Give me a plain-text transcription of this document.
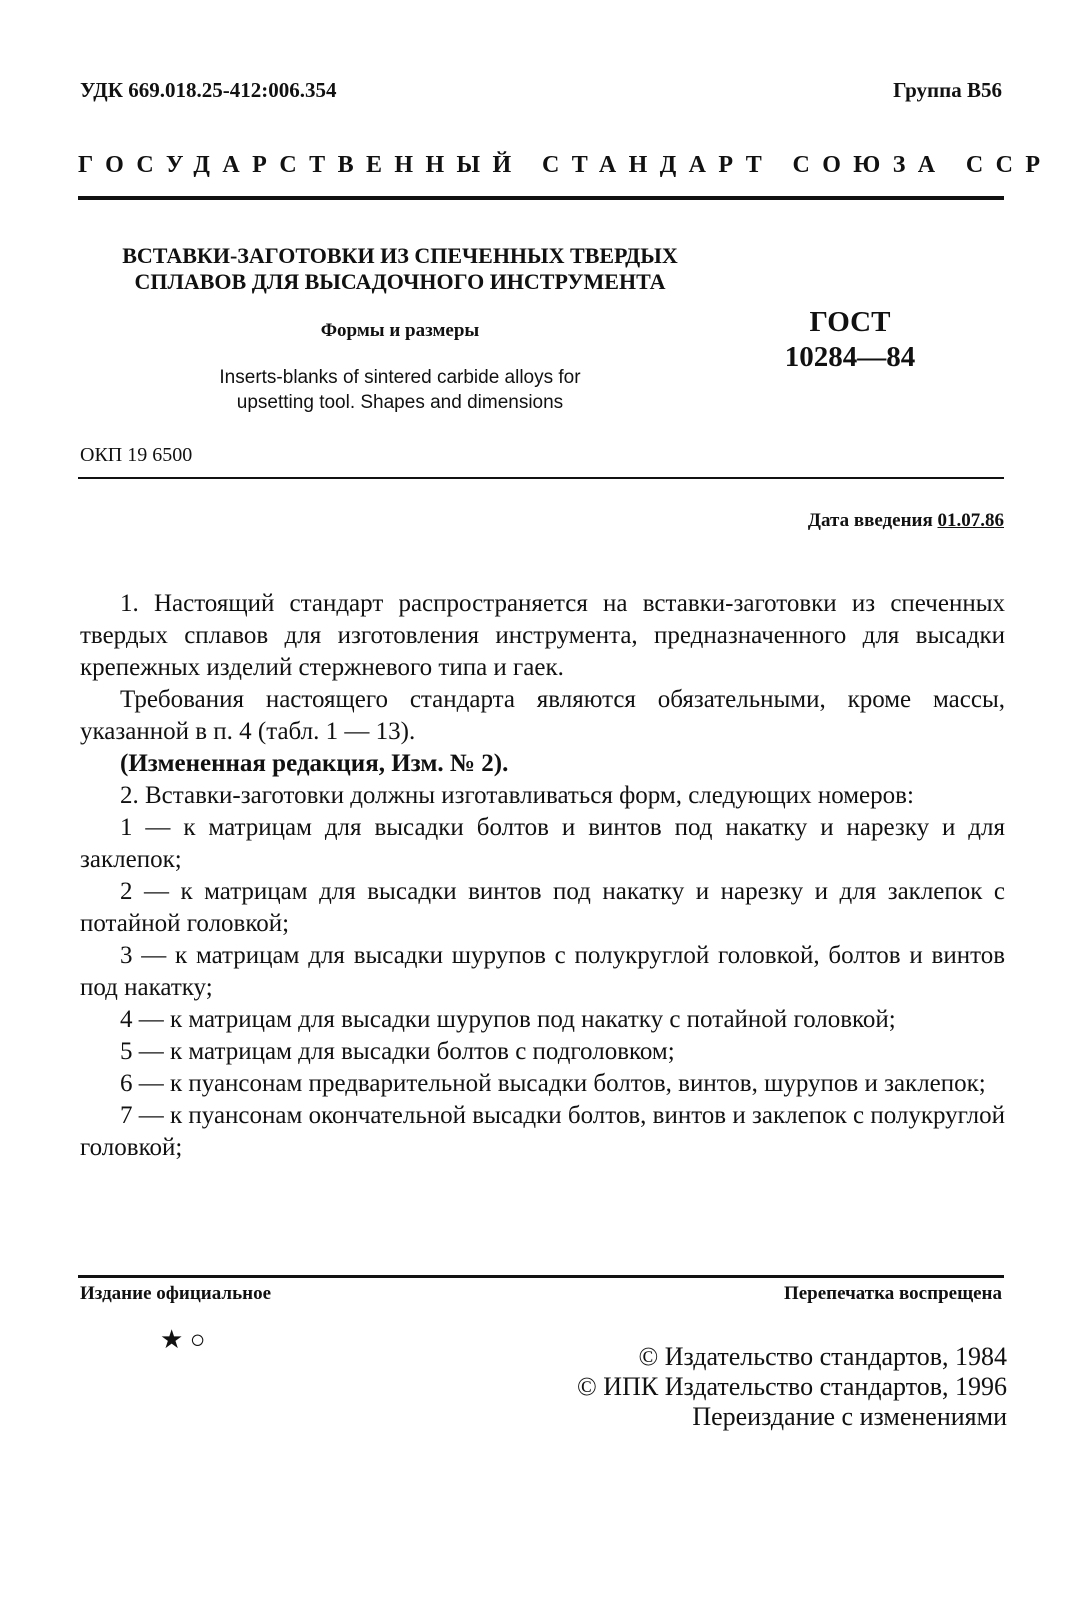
УДК 669.018.25-412:006.354	Группа В56
ГОСУДАРСТВЕННЫЙ СТАНДАРТ СОЮЗА ССР
ВСТАВКИ-ЗАГОТОВКИ ИЗ СПЕЧЕННЫХ ТВЕРДЫХ
СПЛАВОВ ДЛЯ ВЫСАДОЧНОГО ИНСТРУМЕНТА
Формы и размеры
Inserts-blanks of sintered carbide alloys for
upsetting tool. Shapes and dimensions
ГОСТ
10284—84
ОКП 19 6500
Дата введения 01.07.86

1. Настоящий стандарт распространяется на вставки-заготовки из спеченных твердых сплавов для изготовления инструмента, предназначенного для высадки крепежных изделий стержневого типа и гаек.

Требования настоящего стандарта являются обязательными, кроме массы, указанной в п. 4 (табл. 1 — 13).

(Измененная редакция, Изм. № 2).

2. Вставки-заготовки должны изготавливаться форм, следующих номеров:

1 — к матрицам для высадки болтов и винтов под накатку и нарезку и для заклепок;

2 — к матрицам для высадки винтов под накатку и нарезку и для заклепок с потайной головкой;

3 — к матрицам для высадки шурупов с полукруглой головкой, болтов и винтов под накатку;

4 — к матрицам для высадки шурупов под накатку с потайной головкой;

5 — к матрицам для высадки болтов с подголовком;

6 — к пуансонам предварительной высадки болтов, винтов, шурупов и заклепок;

7 — к пуансонам окончательной высадки болтов, винтов и заклепок с полукруглой головкой;

Издание официальное	Перепечатка воспрещена
★ ○
© Издательство стандартов, 1984
© ИПК Издательство стандартов, 1996
Переиздание с изменениями
